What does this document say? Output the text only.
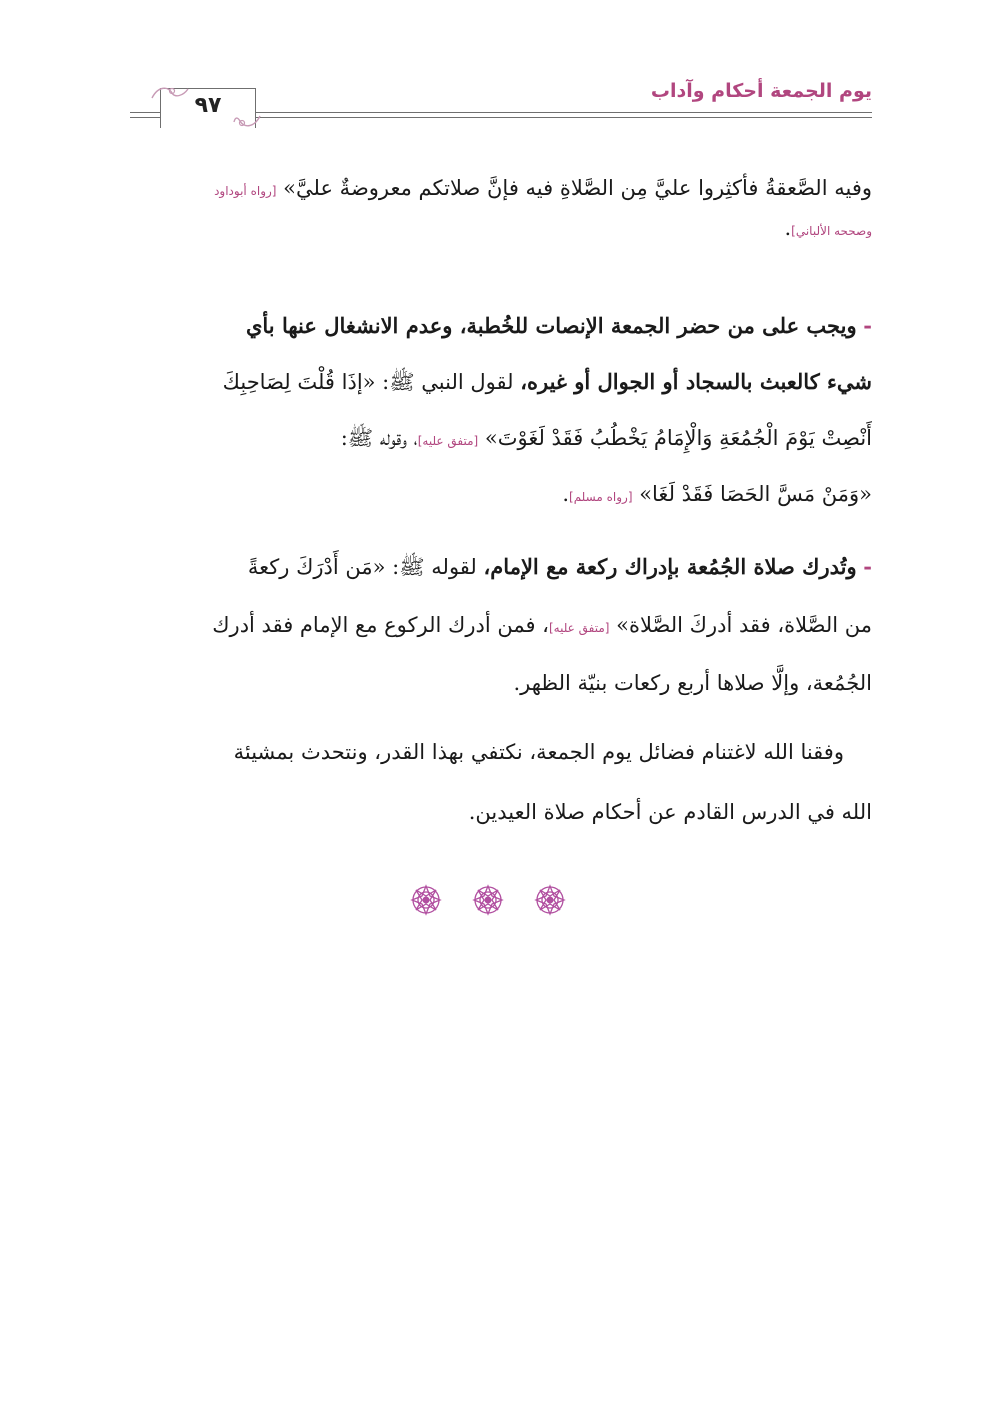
يوم الجمعة أحكام وآداب
٩٧
وفيه الصَّعقةُ فأكثِروا عليَّ مِن الصَّلاةِ فيه فإنَّ صلاتكم معروضةٌ عليَّ» [رواه أبوداود
وصححه الألباني].
- ويجب على من حضر الجمعة الإنصات للخُطبة، وعدم الانشغال عنها بأي
شيء كالعبث بالسجاد أو الجوال أو غيره، لقول النبي ﷺ: «إذَا قُلْتَ لِصَاحِبِكَ
أَنْصِتْ يَوْمَ الْجُمُعَةِ وَالْإِمَامُ يَخْطُبُ فَقَدْ لَغَوْتَ» [متفق عليه]، وقوله ﷺ:
«وَمَنْ مَسَّ الحَصَا فَقَدْ لَغَا» [رواه مسلم].
- وتُدرك صلاة الجُمُعة بإدراك ركعة مع الإمام، لقوله ﷺ: «مَن أَدْرَكَ ركعةً
من الصَّلاة، فقد أدركَ الصَّلاة» [متفق عليه]، فمن أدرك الركوع مع الإمام فقد أدرك
الجُمُعة، وإلَّا صلاها أربع ركعات بنيّة الظهر.
وفقنا الله لاغتنام فضائل يوم الجمعة، نكتفي بهذا القدر، ونتحدث بمشيئة
الله في الدرس القادم عن أحكام صلاة العيدين.
